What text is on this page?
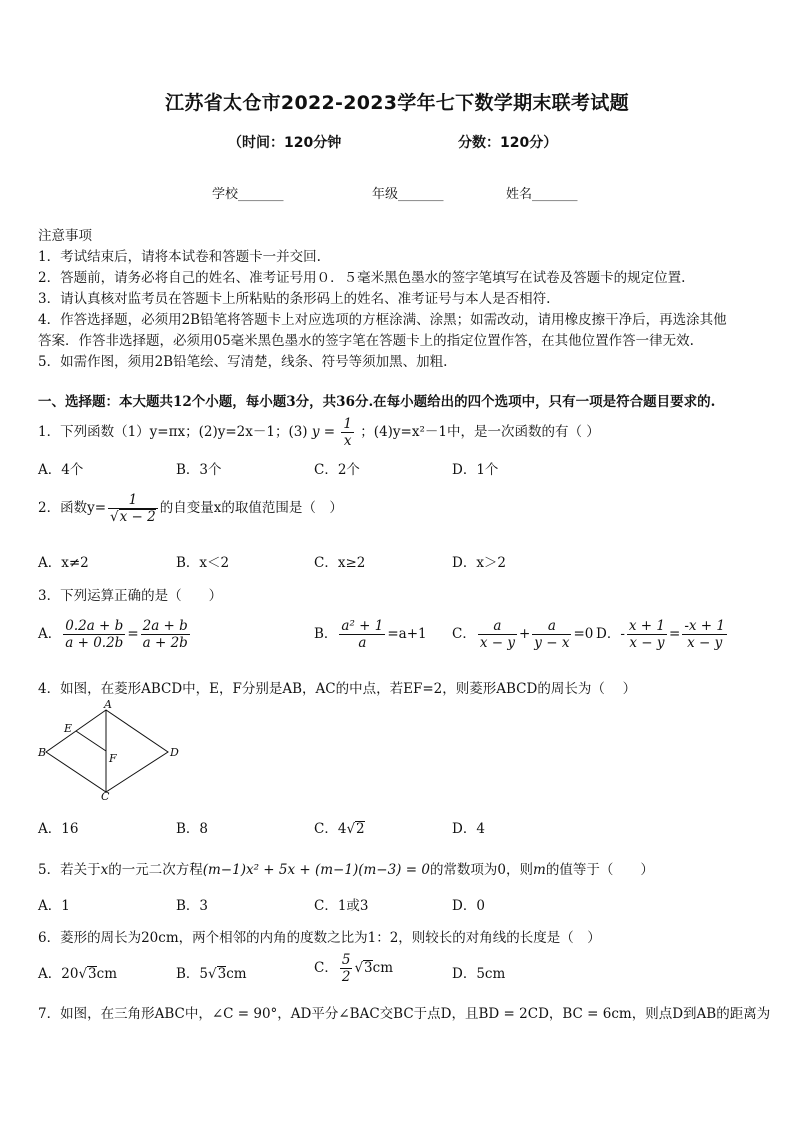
江苏省太仓市2022-2023学年七下数学期末联考试题
（时间：120分钟	分数：120分）
学校_______	年级_______	姓名_______
注意事项
1．考试结束后，请将本试卷和答题卡一并交回.
2．答题前，请务必将自己的姓名、准考证号用０．５毫米黑色墨水的签字笔填写在试卷及答题卡的规定位置.
3．请认真核对监考员在答题卡上所粘贴的条形码上的姓名、准考证号与本人是否相符.
4．作答选择题，必须用2B铅笔将答题卡上对应选项的方框涂满、涂黑；如需改动，请用橡皮擦干净后，再选涂其他
答案．作答非选择题，必须用05毫米黑色墨水的签字笔在答题卡上的指定位置作答，在其他位置作答一律无效.
5．如需作图，须用2B铅笔绘、写清楚，线条、符号等须加黑、加粗.
一、选择题：本大题共12个小题，每小题3分，共36分.在每小题给出的四个选项中，只有一项是符合题目要求的.
1．下列函数（1）y=πx；(2)y=2x－1；(3) $y = \frac{1}{x}$ ；(4)y=x²－1中，是一次函数的有（ ）
A．4个	B．3个	C．2个	D．1个
2．函数$y= \frac{1}{√x - 2}$ 的自变量x的取值范围是（　）
A．x≠2	B．x＜2	C．x≥2	D．x＞2
3．下列运算正确的是（　　）
A． $\frac{0.2a + b}{a + 0.2b} = \frac{2a + b}{a + 2b}$	B． $\frac{\text{a² + 1}}{a} =a+1$ C． $\frac{a}{x - y} + \frac{a}{y - x} =0$ D．- $\frac{x + 1}{x - y} = \frac{-x + 1}{x - y}$
4．如图，在菱形ABCD中，E，F分别是AB，AC的中点，若EF=2，则菱形ABCD的周长为（　 ）
A
B
C
D
E
F
A．16	B．8	C．4√2	D．4
5．若关于x的一元二次方程(m−1)x² + 5x + (m−1)(m−3) = 0的常数项为0，则m的值等于（　　）
A．1	B．3	C．1或3	D．0
6．菱形的周长为20cm，两个相邻的内角的度数之比为1：2，则较长的对角线的长度是（　）
A．20√3cm	B．5√3cm	C． $\frac{5}{2} √3cm$	D．5cm
7．如图，在三角形ABC中，∠C = 90°，AD平分∠BAC交BC于点D，且BD = 2CD，BC = 6cm，则点D到AB的距离为
